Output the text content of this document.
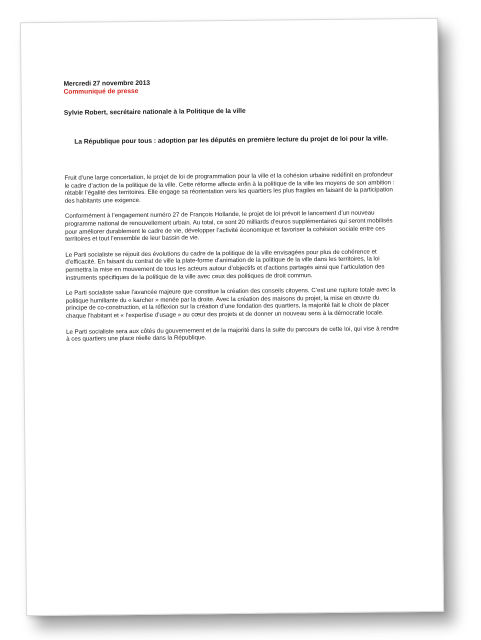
Mercredi 27 novembre 2013

Communiqué de presse

Sylvie Robert, secrétaire nationale à la Politique de la ville

La République pour tous : adoption par les députés en première lecture du projet de loi pour la ville.

Fruit d’une large concertation, le projet de loi de programmation pour la ville et la cohésion urbaine redéfinit en profondeur le cadre d’action de la politique de la ville. Cette réforme affecte enfin à la politique de la ville les moyens de son ambition : rétablir l’égalité des territoires. Elle engage sa réorientation vers les quartiers les plus fragiles en faisant de la participation des habitants une exigence.

Conformément à l’engagement numéro 27 de François Hollande, le projet de loi prévoit le lancement d’un nouveau programme national de renouvellement urbain. Au total, ce sont 20 milliards d’euros supplémentaires qui seront mobilisés pour améliorer durablement le cadre de vie, développer l’activité économique et favoriser la cohésion sociale entre ces territoires et tout l’ensemble de leur bassin de vie.

Le Parti socialiste se réjouit des évolutions du cadre de la politique de la ville envisagées pour plus de cohérence et d’efficacité. En faisant du contrat de ville la plate-forme d’animation de la politique de la ville dans les territoires, la loi permettra la mise en mouvement de tous les acteurs autour d’objectifs et d’actions partagés ainsi que l’articulation des instruments spécifiques de la politique de la ville avec ceux des politiques de droit commun.

Le Parti socialiste salue l’avancée majeure que constitue la création des conseils citoyens. C’est une rupture totale avec la politique humiliante du « karcher » menée par la droite. Avec la création des maisons du projet, la mise en œuvre du principe de co-construction, et la réflexion sur la création d’une fondation des quartiers, la majorité fait le choix de placer chaque l’habitant et « l’expertise d’usage » au cœur des projets et de donner un nouveau sens à la démocratie locale.

Le Parti socialiste sera aux côtés du gouvernement et de la majorité dans la suite du parcours de cette loi, qui vise à rendre à ces quartiers une place réelle dans la République.
